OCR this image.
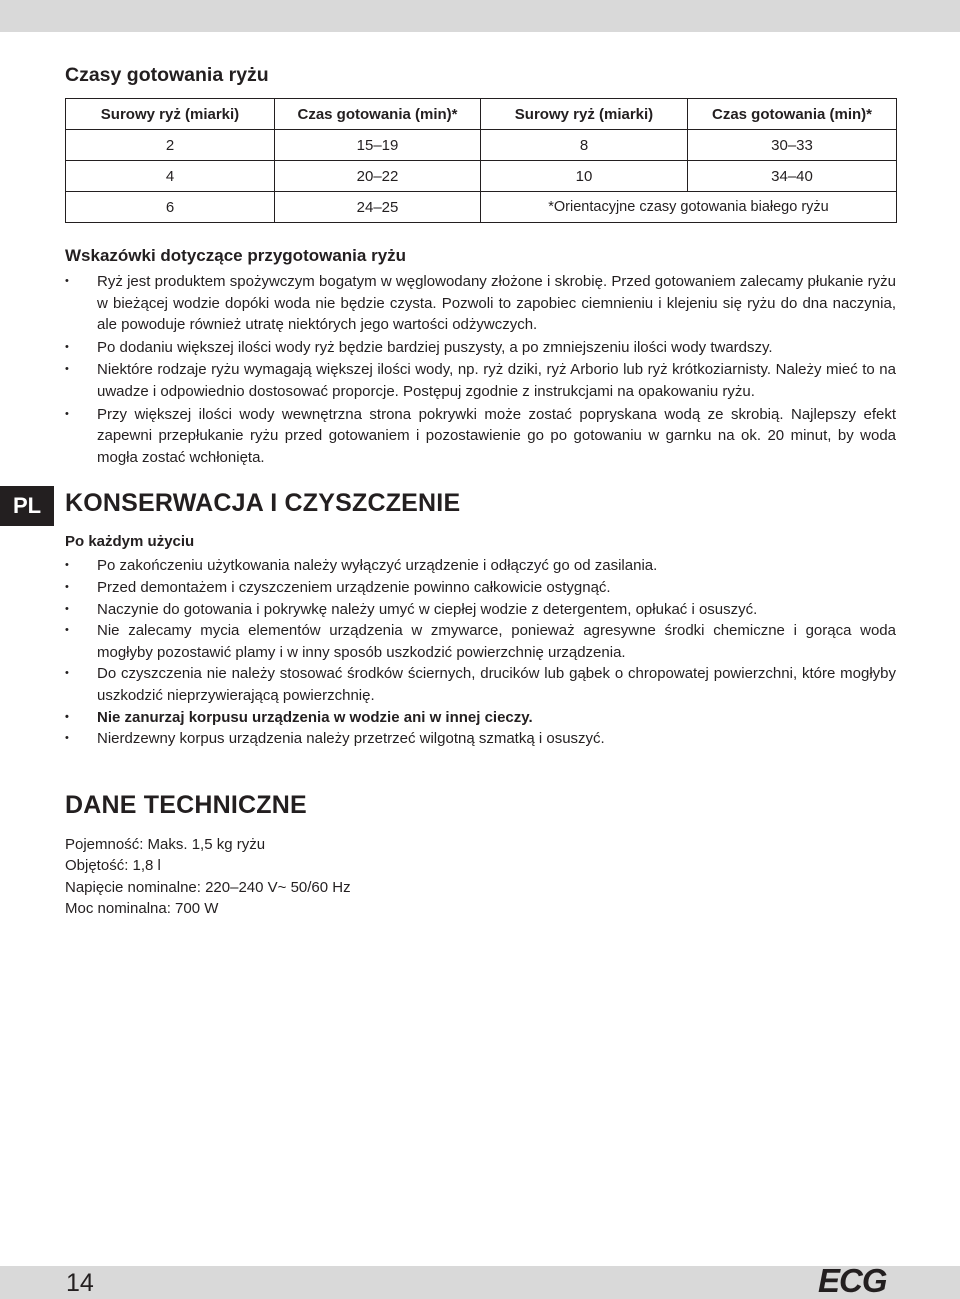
PL
Czasy gotowania ryżu
Surowy ryż (miarki)	Czas gotowania (min)*	Surowy ryż (miarki)	Czas gotowania (min)*
2	15–19	8	30–33
4	20–22	10	34–40
6	24–25	*Orientacyjne czasy gotowania białego ryżu	
Wskazówki dotyczące przygotowania ryżu
• Ryż jest produktem spożywczym bogatym w węglowodany złożone i skrobię. Przed gotowaniem zalecamy płukanie ryżu w bieżącej wodzie dopóki woda nie będzie czysta. Pozwoli to zapobiec ciemnieniu i klejeniu się ryżu do dna naczynia, ale powoduje również utratę niektórych jego wartości odżywczych.
• Po dodaniu większej ilości wody ryż będzie bardziej puszysty, a po zmniejszeniu ilości wody twardszy.
• Niektóre rodzaje ryżu wymagają większej ilości wody, np. ryż dziki, ryż Arborio lub ryż krótkoziarnisty. Należy mieć to na uwadze i odpowiednio dostosować proporcje. Postępuj zgodnie z instrukcjami na opakowaniu ryżu.
• Przy większej ilości wody wewnętrzna strona pokrywki może zostać popryskana wodą ze skrobią. Najlepszy efekt zapewni przepłukanie ryżu przed gotowaniem i pozostawienie go po gotowaniu w garnku na ok. 20 minut, by woda mogła zostać wchłonięta.
KONSERWACJA I CZYSZCZENIE
Po każdym użyciu
• Po zakończeniu użytkowania należy wyłączyć urządzenie i odłączyć go od zasilania.
• Przed demontażem i czyszczeniem urządzenie powinno całkowicie ostygnąć.
• Naczynie do gotowania i pokrywkę należy umyć w ciepłej wodzie z detergentem, opłukać i osuszyć.
• Nie zalecamy mycia elementów urządzenia w zmywarce, ponieważ agresywne środki chemiczne i gorąca woda mogłyby pozostawić plamy i w inny sposób uszkodzić powierzchnię urządzenia.
• Do czyszczenia nie należy stosować środków ściernych, drucików lub gąbek o chropowatej powierzchni, które mogłyby uszkodzić nieprzywierającą powierzchnię.
• Nie zanurzaj korpusu urządzenia w wodzie ani w innej cieczy.
• Nierdzewny korpus urządzenia należy przetrzeć wilgotną szmatką i osuszyć.
DANE TECHNICZNE
Pojemność: Maks. 1,5 kg ryżu
Objętość: 1,8 l
Napięcie nominalne: 220–240 V~ 50/60 Hz
Moc nominalna: 700 W
14	ECG
